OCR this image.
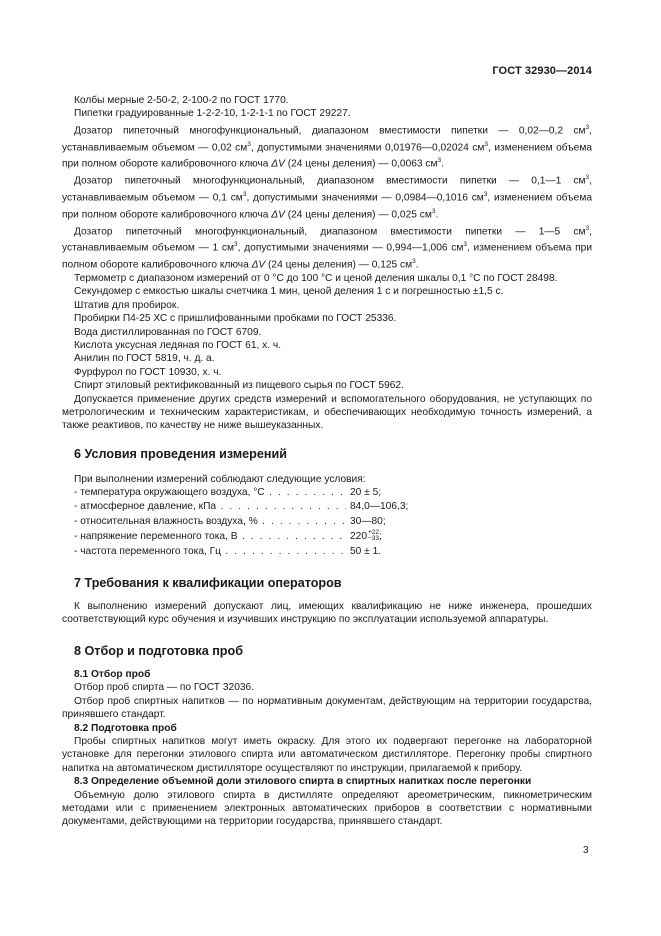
ГОСТ 32930—2014

Колбы мерные 2-50-2, 2-100-2 по ГОСТ 1770.

Пипетки градуированные 1-2-2-10, 1-2-1-1 по ГОСТ 29227.

Дозатор пипеточный многофункциональный, диапазоном вместимости пипетки — 0,02—0,2 $см^3$, устанавливаемым объемом — 0,02 $см^3$, допустимыми значениями 0,01976—0,02024 $см^3$, изменением объема при полном обороте калибровочного ключа ΔV (24 цены деления) — 0,0063 $см^3$.

Дозатор пипеточный многофункциональный, диапазоном вместимости пипетки — 0,1—1 $см^3$, устанавливаемым объемом — 0,1 $см^3$, допустимыми значениями — 0,0984—0,1016 $см^3$, изменением объема при полном обороте калибровочного ключа ΔV (24 цены деления) — 0,025 $см^3$.

Дозатор пипеточный многофункциональный, диапазоном вместимости пипетки — 1—5 $см^3$, устанавливаемым объемом — 1 $см^3$, допустимыми значениями — 0,994—1,006 $см^3$, изменением объема при полном обороте калибровочного ключа ΔV (24 цены деления) — 0,125 $см^3$.

Термометр с диапазоном измерений от 0 °С до 100 °С и ценой деления шкалы 0,1 °С по ГОСТ 28498.

Секундомер с емкостью шкалы счетчика 1 мин, ценой деления 1 с и погрешностью ±1,5 с.

Штатив для пробирок.

Пробирки П4-25 ХС с пришлифованными пробками по ГОСТ 25336.

Вода дистиллированная по ГОСТ 6709.

Кислота уксусная ледяная по ГОСТ 61, х. ч.

Анилин по ГОСТ 5819, ч. д. а.

Фурфурол по ГОСТ 10930, х. ч.

Спирт этиловый ректификованный из пищевого сырья по ГОСТ 5962.

Допускается применение других средств измерений и вспомогательного оборудования, не уступающих по метрологическим и техническим характеристикам, и обеспечивающих необходимую точность измерений, а также реактивов, по качеству не ниже вышеуказанных.

6 Условия проведения измерений

При выполнении измерений соблюдают следующие условия:

- температура окружающего воздуха, °С . . .	20 ± 5;
- атмосферное давление, кПа . . .	84,0—106,3;
- относительная влажность воздуха, % . . .	30—80;
- напряжение переменного тока, В . . .	220 +22
−33 ;
- частота переменного тока, Гц . . .	50 ± 1.
7 Требования к квалификации операторов

К выполнению измерений допускают лиц, имеющих квалификацию не ниже инженера, прошедших соответствующий курс обучения и изучивших инструкцию по эксплуатации используемой аппаратуры.

8 Отбор и подготовка проб
8.1 Отбор проб

Отбор проб спирта — по ГОСТ 32036.

Отбор проб спиртных напитков — по нормативным документам, действующим на территории государства, принявшего стандарт.

8.2 Подготовка проб

Пробы спиртных напитков могут иметь окраску. Для этого их подвергают перегонке на лабораторной установке для перегонки этилового спирта или автоматическом дистилляторе. Перегонку пробы спиртного напитка на автоматическом дистилляторе осуществляют по инструкции, прилагаемой к прибору.

8.3 Определение объемной доли этилового спирта в спиртных напитках после перегонки

Объемную долю этилового спирта в дистилляте определяют ареометрическим, пикнометрическим методами или с применением электронных автоматических приборов в соответствии с нормативными документами, действующими на территории государства, принявшего стандарт.

3
